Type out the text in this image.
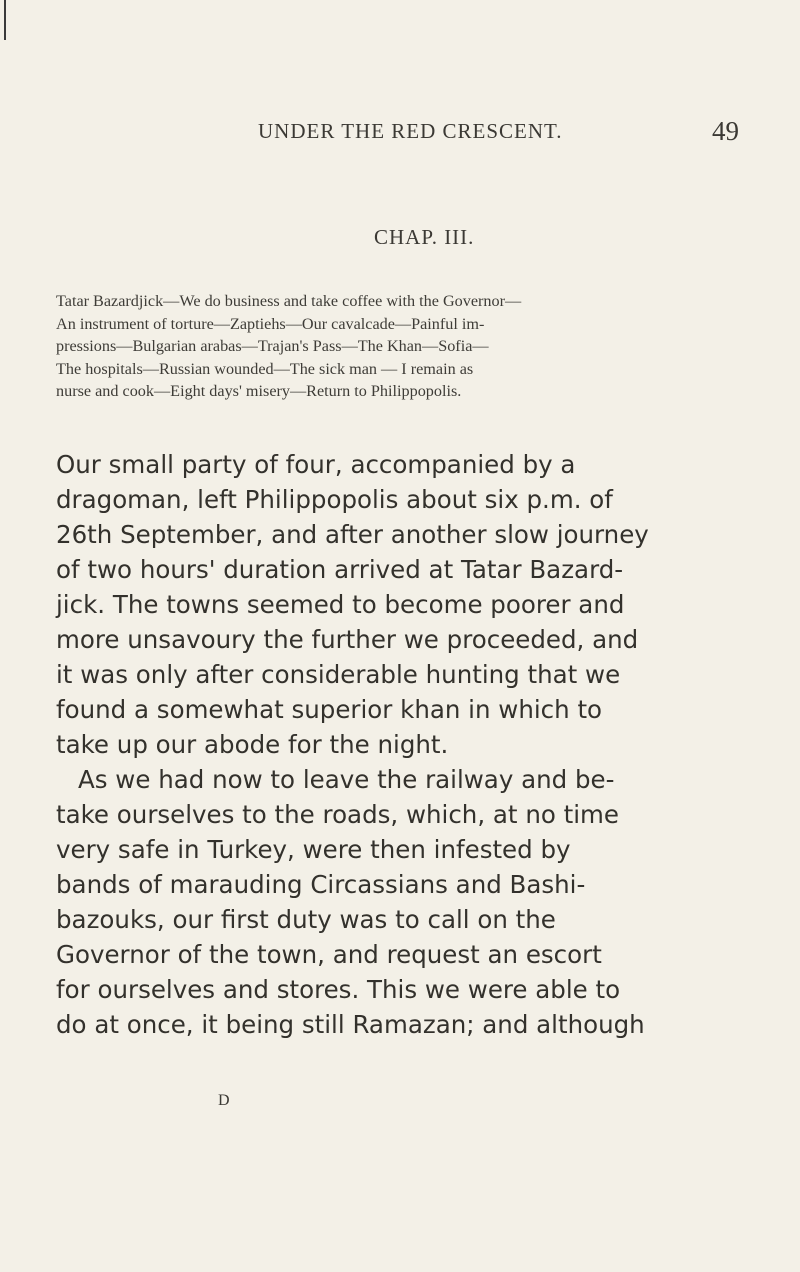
UNDER THE RED CRESCENT.	49
CHAP. III.
Tatar Bazardjick—We do business and take coffee with the Governor—
An instrument of torture—Zaptiehs—Our cavalcade—Painful im-
pressions—Bulgarian arabas—Trajan's Pass—The Khan—Sofia—
The hospitals—Russian wounded—The sick man — I remain as
nurse and cook—Eight days' misery—Return to Philippopolis.
Our small party of four, accompanied by a
dragoman, left Philippopolis about six p.m. of
26th September, and after another slow journey
of two hours' duration arrived at Tatar Bazard-
jick. The towns seemed to become poorer and
more unsavoury the further we proceeded, and
it was only after considerable hunting that we
found a somewhat superior khan in which to
take up our abode for the night.
As we had now to leave the railway and be-
take ourselves to the roads, which, at no time
very safe in Turkey, were then infested by
bands of marauding Circassians and Bashi-
bazouks, our first duty was to call on the
Governor of the town, and request an escort
for ourselves and stores. This we were able to
do at once, it being still Ramazan; and although
D
